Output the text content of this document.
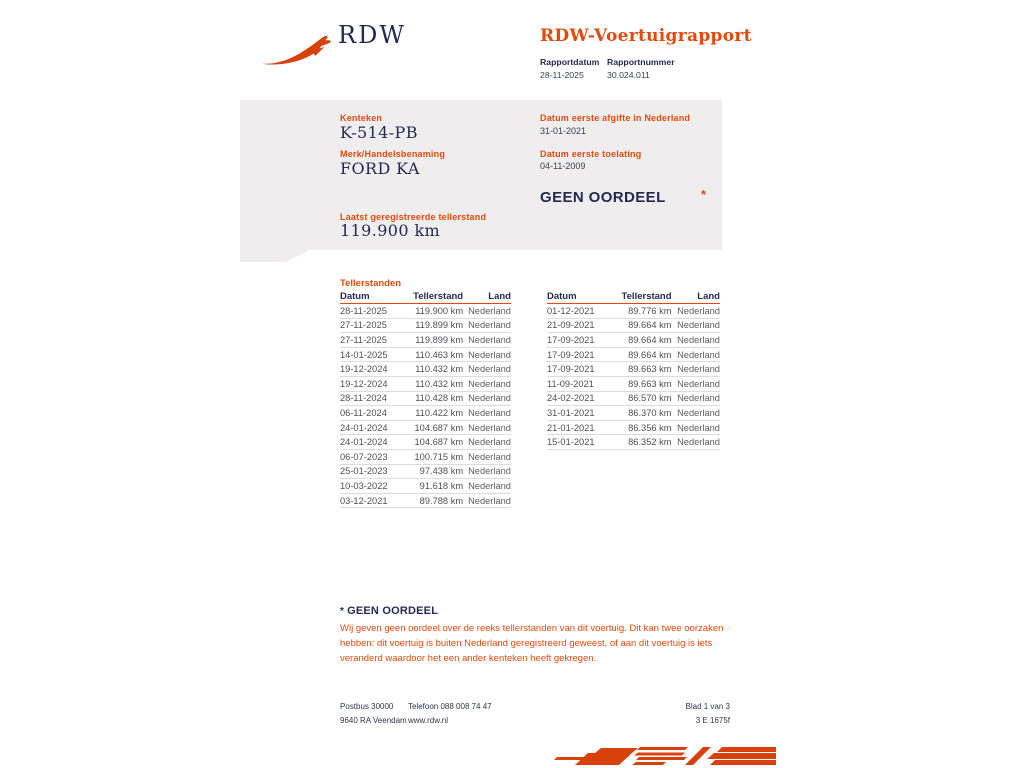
RDW	RDW-Voertuigrapport
Rapportdatum
28-11-2025
Rapportnummer
30.024.011
Kenteken
K-514-PB
Merk/Handelsbenaming
FORD KA
Laatst geregistreerde tellerstand
119.900 km
Datum eerste afgifte in Nederland
31-01-2021
Datum eerste toelating
04-11-2009
GEEN OORDEEL	*
Tellerstanden
Datum	Tellerstand	Land
28-11-2025	119.900 km Nederland
27-11-2025	119.899 km Nederland
27-11-2025	119.899 km Nederland
14-01-2025	110.463 km Nederland
19-12-2024	110.432 km Nederland
19-12-2024	110.432 km Nederland
28-11-2024	110.428 km Nederland
06-11-2024	110.422 km Nederland
24-01-2024	104.687 km Nederland
24-01-2024	104.687 km Nederland
06-07-2023	100.715 km Nederland
25-01-2023	97.438 km Nederland
10-03-2022	91.618 km Nederland
03-12-2021	89.788 km Nederland
Datum	Tellerstand	Land
01-12-2021	89.776 km Nederland
21-09-2021	89.664 km Nederland
17-09-2021	89.664 km Nederland
17-09-2021	89.664 km Nederland
17-09-2021	89.663 km Nederland
11-09-2021	89.663 km Nederland
24-02-2021	86.570 km Nederland
31-01-2021	86.370 km Nederland
21-01-2021	86.356 km Nederland
15-01-2021	86.352 km Nederland
* GEEN OORDEEL
Wij geven geen oordeel over de reeks tellerstanden van dit voertuig. Dit kan twee oorzaken hebben: dit voertuig is buiten Nederland geregistreerd geweest, of aan dit voertuig is iets veranderd waardoor het een ander kenteken heeft gekregen.
Postbus 30000
9640 RA Veendam
Telefoon 088 008 74 47
www.rdw.nl
Blad 1 van 3
3 E 1675f
